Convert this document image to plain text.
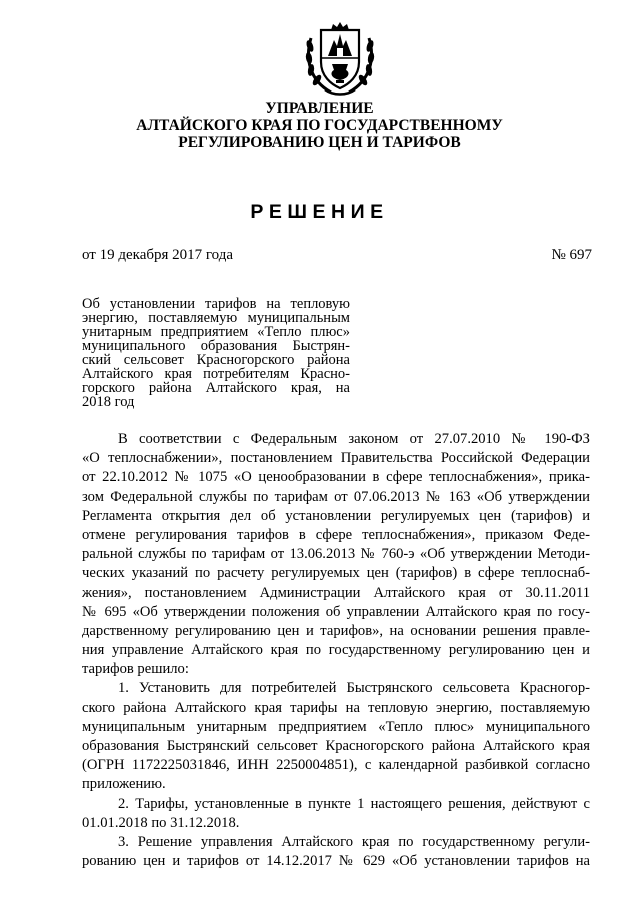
УПРАВЛЕНИЕ
АЛТАЙСКОГО КРАЯ ПО ГОСУДАРСТВЕННОМУ
РЕГУЛИРОВАНИЮ ЦЕН И ТАРИФОВ
РЕШЕНИЕ
от 19 декабря 2017 года	№ 697
Об установлении тарифов на тепловую
энергию, поставляемую муниципальным
унитарным предприятием «Тепло плюс»
муниципального образования Быстрян-
ский сельсовет Красногорского района
Алтайского края потребителям Красно-
горского района Алтайского края, на
2018 год
В соответствии с Федеральным законом от 27.07.2010 № 190-ФЗ
«О теплоснабжении», постановлением Правительства Российской Федерации
от 22.10.2012 № 1075 «О ценообразовании в сфере теплоснабжения», прика-
зом Федеральной службы по тарифам от 07.06.2013 № 163 «Об утверждении
Регламента открытия дел об установлении регулируемых цен (тарифов) и
отмене регулирования тарифов в сфере теплоснабжения», приказом Феде-
ральной службы по тарифам от 13.06.2013 № 760-э «Об утверждении Методи-
ческих указаний по расчету регулируемых цен (тарифов) в сфере теплоснаб-
жения», постановлением Администрации Алтайского края от 30.11.2011
№ 695 «Об утверждении положения об управлении Алтайского края по госу-
дарственному регулированию цен и тарифов», на основании решения правле-
ния управление Алтайского края по государственному регулированию цен и
тарифов решило:
1. Установить для потребителей Быстрянского сельсовета Красногор-
ского района Алтайского края тарифы на тепловую энергию, поставляемую
муниципальным унитарным предприятием «Тепло плюс» муниципального
образования Быстрянский сельсовет Красногорского района Алтайского края
(ОГРН 1172225031846, ИНН 2250004851), с календарной разбивкой согласно
приложению.
2. Тарифы, установленные в пункте 1 настоящего решения, действуют с
01.01.2018 по 31.12.2018.
3. Решение управления Алтайского края по государственному регули-
рованию цен и тарифов от 14.12.2017 № 629 «Об установлении тарифов на
